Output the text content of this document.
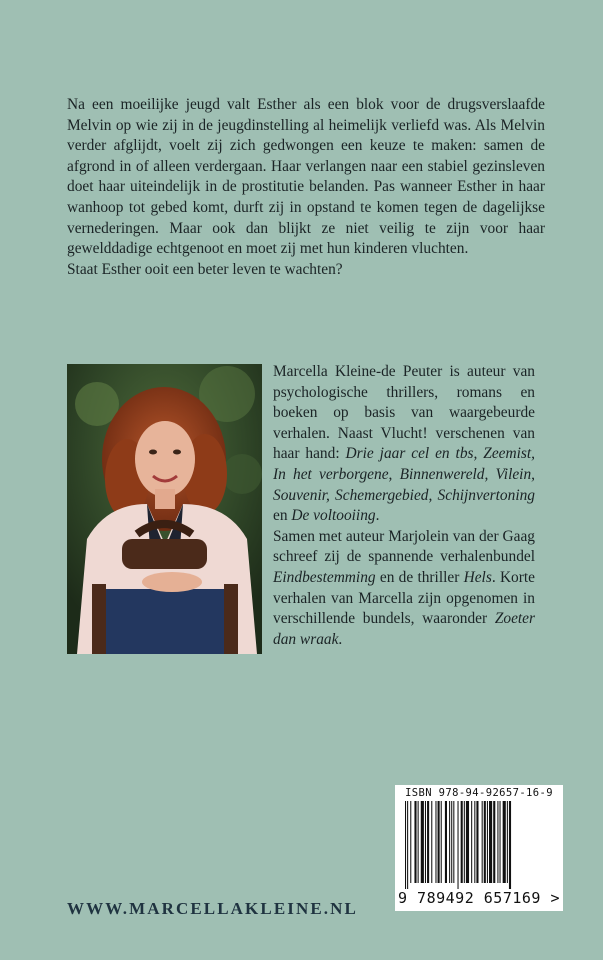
Na een moeilijke jeugd valt Esther als een blok voor de drugsverslaafde Melvin op wie zij in de jeugdinstelling al heimelijk verliefd was. Als Melvin verder afglijdt, voelt zij zich gedwongen een keuze te maken: samen de afgrond in of alleen verdergaan. Haar verlangen naar een stabiel gezinsleven doet haar uiteindelijk in de prostitutie belanden. Pas wanneer Esther in haar wanhoop tot gebed komt, durft zij in opstand te komen tegen de dagelijkse vernederingen. Maar ook dan blijkt ze niet veilig te zijn voor haar gewelddadige echtgenoot en moet zij met hun kinderen vluchten.

Staat Esther ooit een beter leven te wachten?

Marcella Kleine-de Peuter is auteur van psychologische thrillers, romans en boeken op basis van waargebeurde verhalen. Naast Vlucht! verschenen van haar hand: Drie jaar cel en tbs, Zeemist, In het verborgene, Binnenwereld, Vilein, Souvenir, Schemergebied, Schijnvertoning en De voltooiing.

Samen met auteur Marjolein van der Gaag schreef zij de spannende verhalenbundel Eindbestemming en de thriller Hels. Korte verhalen van Marcella zijn opgenomen in verschillende bundels, waaronder Zoeter dan wraak.

WWW.MARCELLAKLEINE.NL
ISBN 978-94-92657-16-9
9 789492 657169 >
